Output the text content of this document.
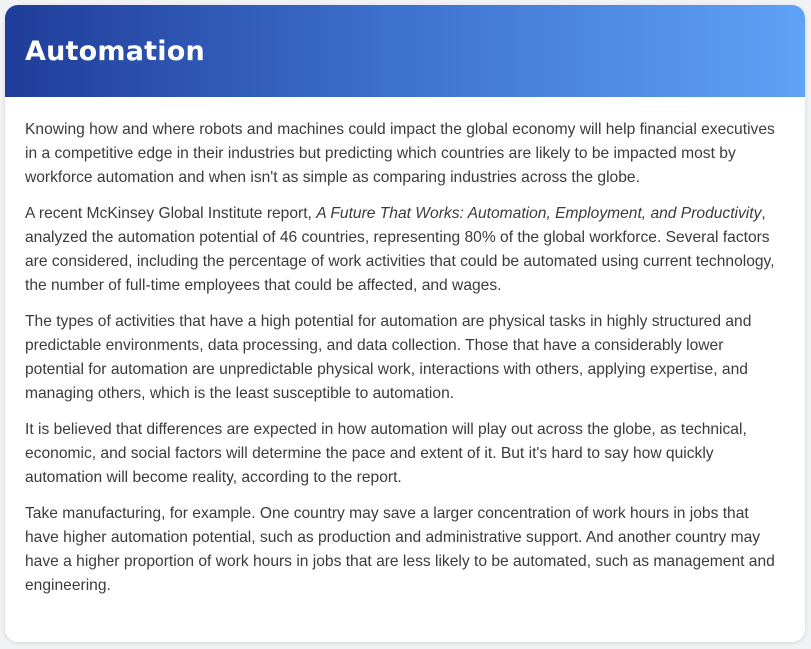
Automation

Knowing how and where robots and machines could impact the global economy will help financial executives in a competitive edge in their industries but predicting which countries are likely to be impacted most by workforce automation and when isn't as simple as comparing industries across the globe.

A recent McKinsey Global Institute report, A Future That Works: Automation, Employment, and Productivity, analyzed the automation potential of 46 countries, representing 80% of the global workforce. Several factors are considered, including the percentage of work activities that could be automated using current technology, the number of full-time employees that could be affected, and wages.

The types of activities that have a high potential for automation are physical tasks in highly structured and predictable environments, data processing, and data collection. Those that have a considerably lower potential for automation are unpredictable physical work, interactions with others, applying expertise, and managing others, which is the least susceptible to automation.

It is believed that differences are expected in how automation will play out across the globe, as technical, economic, and social factors will determine the pace and extent of it. But it's hard to say how quickly automation will become reality, according to the report.

Take manufacturing, for example. One country may save a larger concentration of work hours in jobs that have higher automation potential, such as production and administrative support. And another country may have a higher proportion of work hours in jobs that are less likely to be automated, such as management and engineering.
